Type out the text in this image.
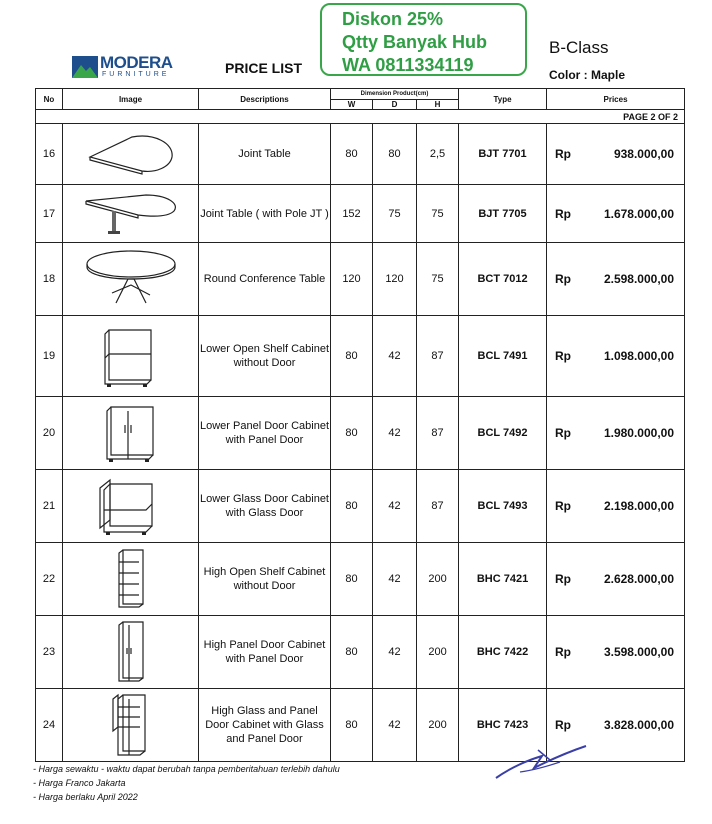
MODERA
FURNITURE	PRICE LIST
Diskon 25%
Qtty Banyak Hub
WA 0811334119
B-Class
Color : Maple
No	Image	Descriptions	Dimension Product(cm)			Type	Prices
			W	D	H		
							PAGE 2 OF 2
16		Joint Table	80	80	2,5	BJT 7701	Rp 938.000,00

17		Joint Table ( with Pole JT )	152	75	75	BJT 7705	Rp 1.678.000,00

18		Round Conference Table	120	120	75	BCT 7012	Rp 2.598.000,00

19		Lower Open Shelf Cabinet without Door	80	42	87	BCL 7491	Rp 1.098.000,00

20		Lower Panel Door Cabinet with Panel Door	80	42	87	BCL 7492	Rp 1.980.000,00

21		Lower Glass Door Cabinet with Glass Door	80	42	87	BCL 7493	Rp 2.198.000,00

22		High Open Shelf Cabinet without Door	80	42	200	BHC 7421	Rp 2.628.000,00

23		High Panel Door Cabinet with Panel Door	80	42	200	BHC 7422	Rp 3.598.000,00

24		High Glass and Panel Door Cabinet with Glass and Panel Door	80	42	200	BHC 7423	Rp 3.828.000,00
- Harga sewaktu - waktu dapat berubah tanpa pemberitahuan terlebih dahulu
- Harga Franco Jakarta
- Harga berlaku April 2022
